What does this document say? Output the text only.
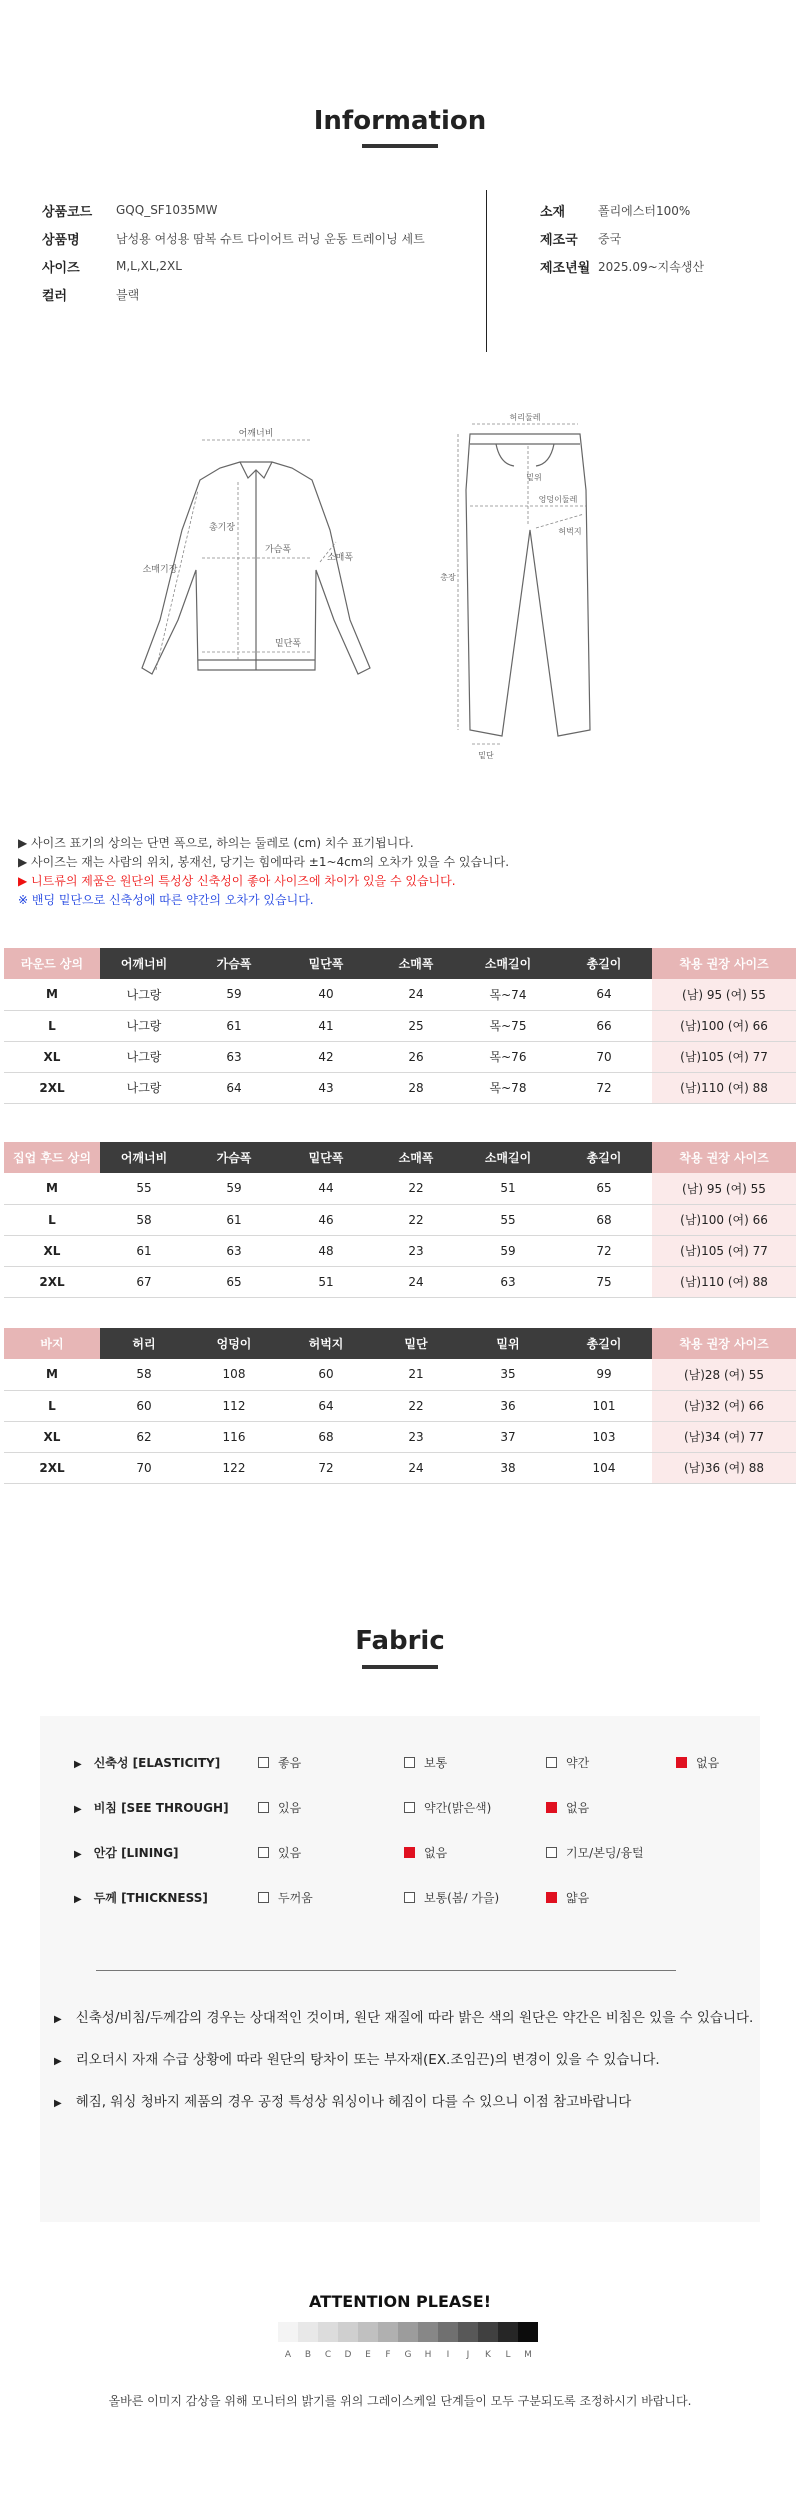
Information
상품코드	GQQ_SF1035MW
상품명	남성용 여성용 땀복 슈트 다이어트 러닝 운동 트레이닝 세트
사이즈	M,L,XL,2XL
컬러	블랙
소재	폴리에스터100%
제조국	중국
제조년월 2025.09~지속생산
어깨너비
총기장
가슴폭
소매폭
소매기장
밑단폭
허리둘레
밑위
엉덩이둘레
허벅지
총장
밑단
▶ 사이즈 표기의 상의는 단면 폭으로, 하의는 둘레로 (cm) 치수 표기됩니다.
▶ 사이즈는 재는 사람의 위치, 봉재선, 당기는 힘에따라 ±1~4cm의 오차가 있을 수 있습니다.
▶ 니트류의 제품은 원단의 특성상 신축성이 좋아 사이즈에 차이가 있을 수 있습니다.
※ 밴딩 밑단으로 신축성에 따른 약간의 오차가 있습니다.
라운드 상의	어깨너비	가슴폭	밑단폭	소매폭	소매길이	총길이	착용 권장 사이즈
M	나그랑	59	40	24	목~74	64	(남) 95 (여) 55
L	나그랑	61	41	25	목~75	66	(남)100 (여) 66
XL	나그랑	63	42	26	목~76	70	(남)105 (여) 77
2XL	나그랑	64	43	28	목~78	72	(남)110 (여) 88
집업 후드 상의	어깨너비	가슴폭	밑단폭	소매폭	소매길이	총길이	착용 권장 사이즈
M	55	59	44	22	51	65	(남) 95 (여) 55
L	58	61	46	22	55	68	(남)100 (여) 66
XL	61	63	48	23	59	72	(남)105 (여) 77
2XL	67	65	51	24	63	75	(남)110 (여) 88
바지	허리	엉덩이	허벅지	밑단	밑위	총길이	착용 권장 사이즈
M	58	108	60	21	35	99	(남)28 (여) 55
L	60	112	64	22	36	101	(남)32 (여) 66
XL	62	116	68	23	37	103	(남)34 (여) 77
2XL	70	122	72	24	38	104	(남)36 (여) 88
Fabric
▶ 신축성 [ELASTICITY]	좋음	보통	약간	없음
▶ 비침 [SEE THROUGH]	있음	약간(밝은색)	없음
▶ 안감 [LINING]	있음	없음	기모/본딩/융털
▶ 두께 [THICKNESS]	두꺼움	보통(봄/ 가을)	얇음
▶ 신축성/비침/두께감의 경우는 상대적인 것이며, 원단 재질에 따라 밝은 색의 원단은 약간은 비침은 있을 수 있습니다.
▶ 리오더시 자재 수급 상황에 따라 원단의 탕차이 또는 부자재(EX.조임끈)의 변경이 있을 수 있습니다.
▶ 헤짐, 워싱 청바지 제품의 경우 공정 특성상 워싱이나 헤짐이 다를 수 있으니 이점 참고바랍니다
ATTENTION PLEASE!
A	B	C	D	E	F	G	H	I	J	K	L	M
올바른 이미지 감상을 위해 모니터의 밝기를 위의 그레이스케일 단계들이 모두 구분되도록 조정하시기 바랍니다.
